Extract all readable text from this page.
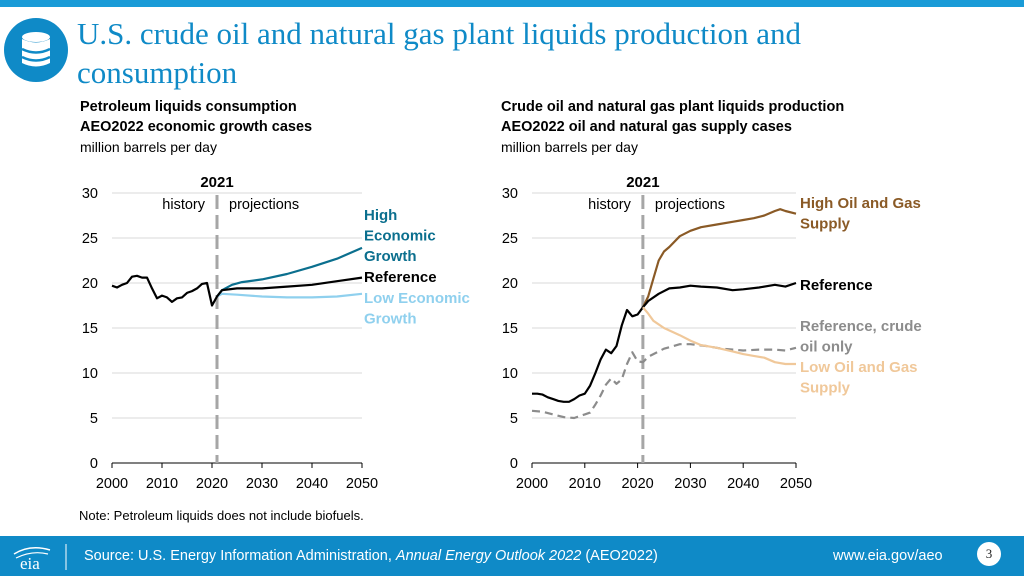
U.S. crude oil and natural gas plant liquids production and consumption
Petroleum liquids consumption
AEO2022 economic growth cases
million barrels per day
Crude oil and natural gas plant liquids production
AEO2022 oil and natural gas supply cases
million barrels per day
0
5
10
15
20
25
30
2000 2010 2020 2030 2040 2050
2021
history projections
0
5
10
15
20
25
30
2000 2010 2020 2030 2040 2050
2021
history projections
High Economic Growth
Reference
Low Economic Growth
High Oil and Gas Supply
Reference
Reference, crude oil only
Low Oil and Gas Supply
Note: Petroleum liquids does not include biofuels.
eia	Source: U.S. Energy Information Administration, Annual Energy Outlook 2022 (AEO2022)	www.eia.gov/aeo	3
